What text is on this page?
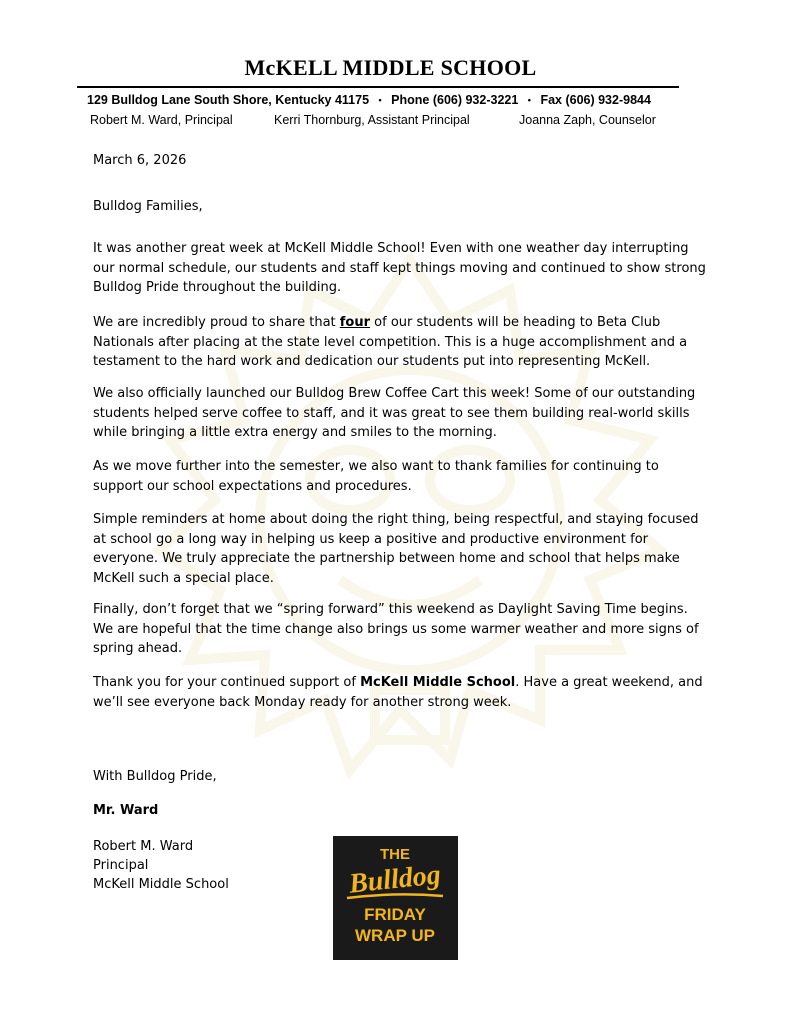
McKELL MIDDLE SCHOOL
129 Bulldog Lane South Shore, Kentucky 41175 • Phone (606) 932-3221 • Fax (606) 932-9844
Robert M. Ward, Principal	Kerri Thornburg, Assistant Principal	Joanna Zaph, Counselor
March 6, 2026
Bulldog Families,
It was another great week at McKell Middle School! Even with one weather day interrupting our normal schedule, our students and staff kept things moving and continued to show strong Bulldog Pride throughout the building.
We are incredibly proud to share that four of our students will be heading to Beta Club Nationals after placing at the state level competition. This is a huge accomplishment and a testament to the hard work and dedication our students put into representing McKell.
We also officially launched our Bulldog Brew Coffee Cart this week! Some of our outstanding students helped serve coffee to staff, and it was great to see them building real-world skills while bringing a little extra energy and smiles to the morning.
As we move further into the semester, we also want to thank families for continuing to support our school expectations and procedures.
Simple reminders at home about doing the right thing, being respectful, and staying focused at school go a long way in helping us keep a positive and productive environment for everyone. We truly appreciate the partnership between home and school that helps make McKell such a special place.
Finally, don’t forget that we “spring forward” this weekend as Daylight Saving Time begins. We are hopeful that the time change also brings us some warmer weather and more signs of spring ahead.
Thank you for your continued support of McKell Middle School. Have a great weekend, and we’ll see everyone back Monday ready for another strong week.
With Bulldog Pride,
Mr. Ward
Robert M. Ward
Principal
McKell Middle School
THE
Bulldog
FRIDAY
WRAP UP
